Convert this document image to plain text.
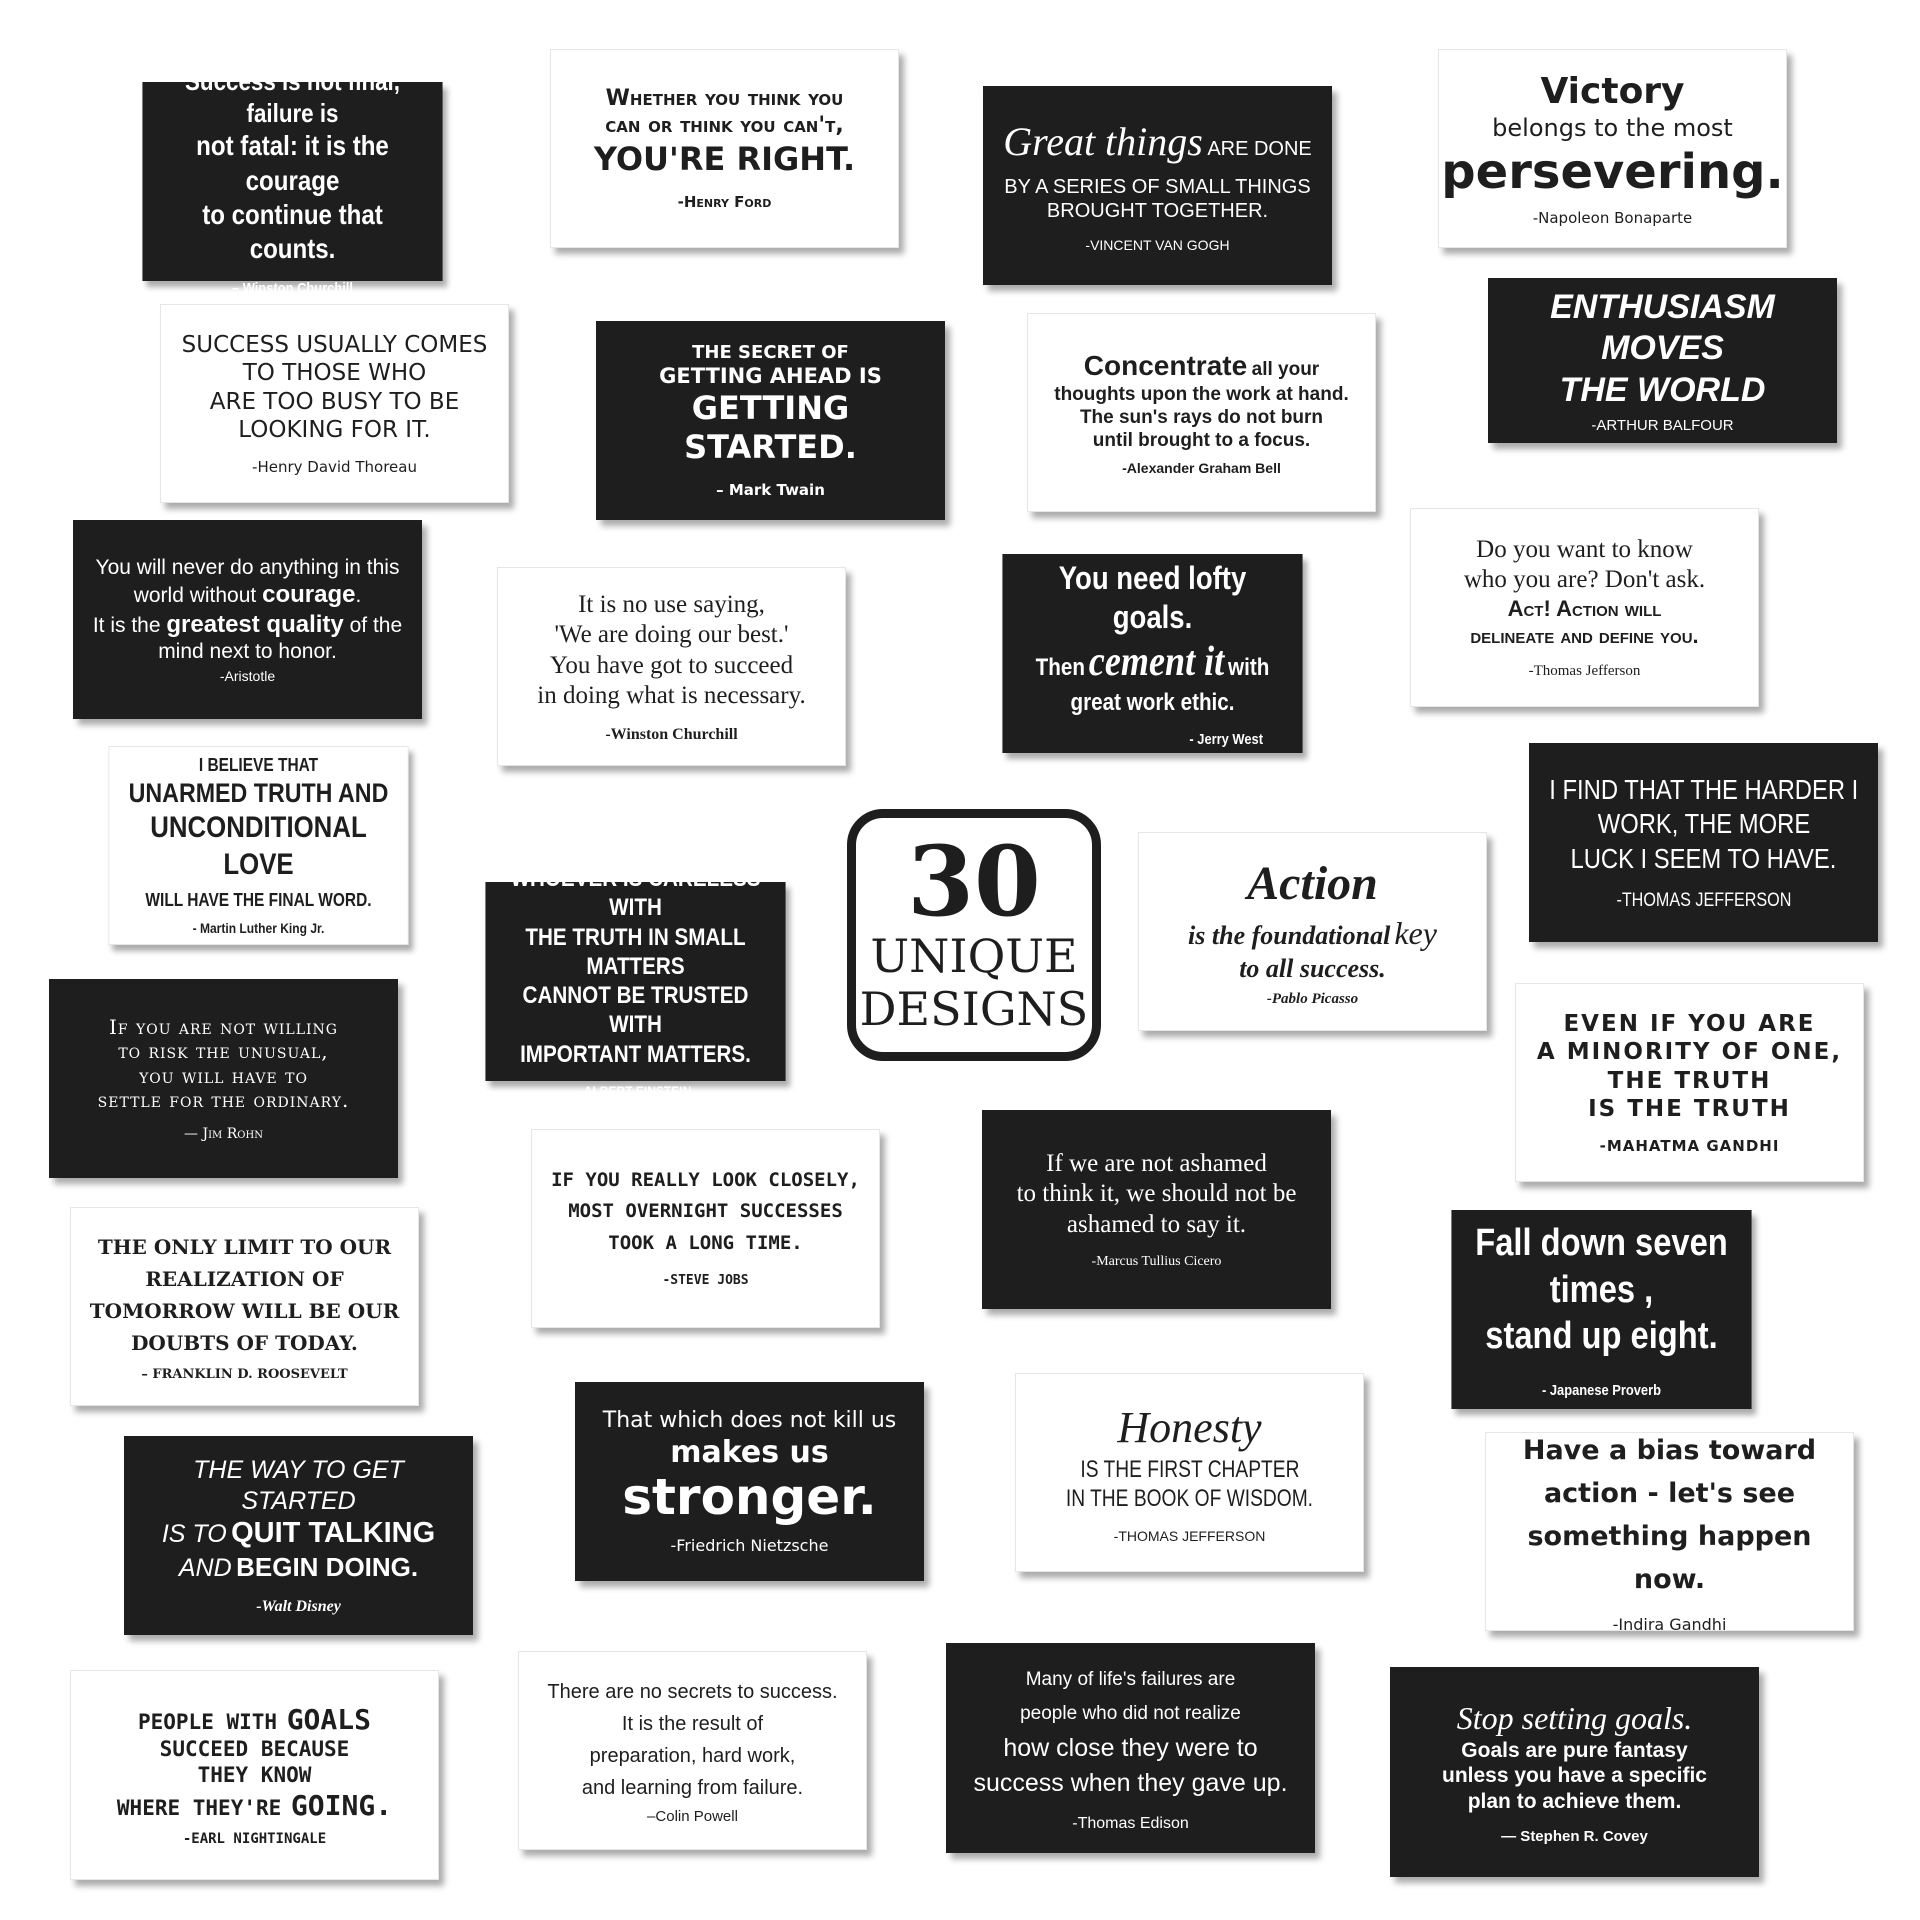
Success is not final, failure is
not fatal: it is the courage
to continue that counts.
– Winston Churchill
Whether you think you
can or think you can't,
YOU'RE RIGHT.
-Henry Ford
Great things ARE DONE
BY A SERIES OF SMALL THINGS
BROUGHT TOGETHER.
-VINCENT VAN GOGH
Victory
belongs to the most
persevering.
-Napoleon Bonaparte
SUCCESS USUALLY COMES
TO THOSE WHO
ARE TOO BUSY TO BE
LOOKING FOR IT.
-Henry David Thoreau
THE SECRET OF
GETTING AHEAD IS
GETTING STARTED.
– Mark Twain
Concentrate all your
thoughts upon the work at hand.
The sun's rays do not burn
until brought to a focus.
-Alexander Graham Bell
ENTHUSIASM
MOVES
THE WORLD
-ARTHUR BALFOUR
You will never do anything in this
world without courage.
It is the greatest quality of the
mind next to honor.
-Aristotle
It is no use saying,
'We are doing our best.'
You have got to succeed
in doing what is necessary.
-Winston Churchill
You need lofty goals.
Then cement it with
great work ethic.
- Jerry West
Do you want to know
who you are? Don't ask.
Act! Action will
delineate and define you.
-Thomas Jefferson
I BELIEVE THAT
UNARMED TRUTH AND
UNCONDITIONAL LOVE
WILL HAVE THE FINAL WORD.
- Martin Luther King Jr.
WHOEVER IS CARELESS WITH
THE TRUTH IN SMALL MATTERS
CANNOT BE TRUSTED WITH
IMPORTANT MATTERS.
-ALBERT EINSTEIN
30
UNIQUE
DESIGNS
Action
is the foundational key
to all success.
-Pablo Picasso
I FIND THAT THE HARDER I
WORK, THE MORE
LUCK I SEEM TO HAVE.
-THOMAS JEFFERSON
If you are not willing
to risk the unusual,
you will have to
settle for the ordinary.
— Jim Rohn
EVEN IF YOU ARE
A MINORITY OF ONE,
THE TRUTH
IS THE TRUTH
-MAHATMA GANDHI
IF YOU REALLY LOOK CLOSELY,
MOST OVERNIGHT SUCCESSES
TOOK A LONG TIME.
-STEVE JOBS
If we are not ashamed
to think it, we should not be
ashamed to say it.
-Marcus Tullius Cicero
THE ONLY LIMIT TO OUR
REALIZATION OF
TOMORROW WILL BE OUR
DOUBTS OF TODAY.
– FRANKLIN D. ROOSEVELT
Fall down seven times ,
stand up eight.
- Japanese Proverb
THE WAY TO GET STARTED
IS TO QUIT TALKING
AND BEGIN DOING.
-Walt Disney
That which does not kill us
makes us
stronger.
-Friedrich Nietzsche
Honesty
IS THE FIRST CHAPTER
IN THE BOOK OF WISDOM.
-THOMAS JEFFERSON
Have a bias toward
action - let's see
something happen now.
-Indira Gandhi
PEOPLE WITH GOALS
SUCCEED BECAUSE
THEY KNOW
WHERE THEY'RE GOING.
-EARL NIGHTINGALE
There are no secrets to success.
It is the result of
preparation, hard work,
and learning from failure.
–Colin Powell
Many of life's failures are
people who did not realize
how close they were to
success when they gave up.
-Thomas Edison
Stop setting goals.
Goals are pure fantasy
unless you have a specific
plan to achieve them.
— Stephen R. Covey
